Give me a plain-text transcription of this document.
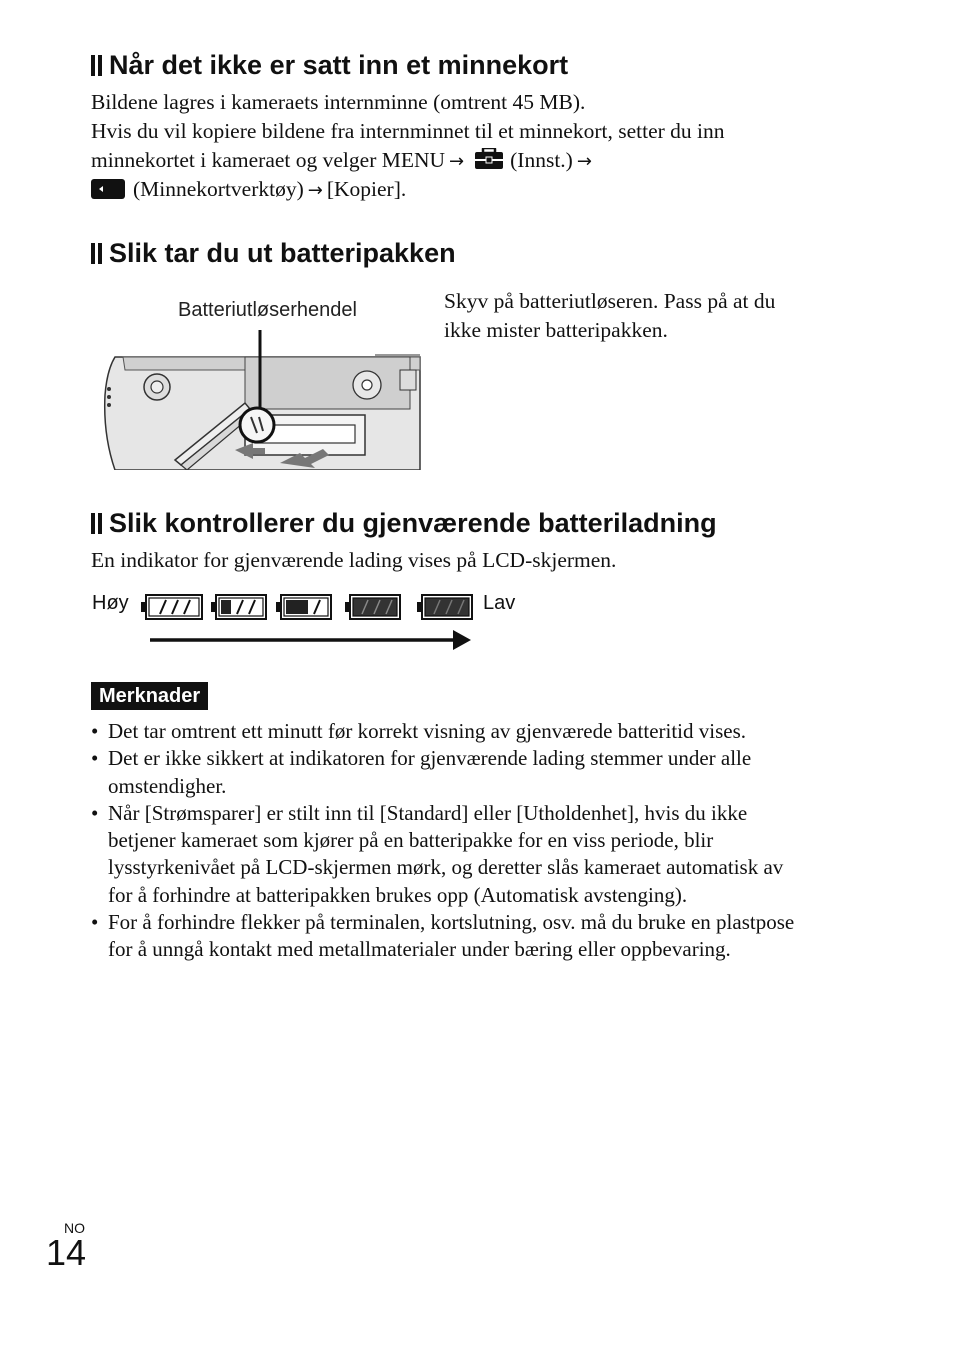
Når det ikke er satt inn et minnekort
Bildene lagres i kameraets internminne (omtrent 45 MB).
Hvis du vil kopiere bildene fra internminnet til et minnekort, setter du inn
minnekortet i kameraet og velger MENU → (Innst.) →
(Minnekortverktøy) → [Kopier].
Slik tar du ut batteripakken
Batteriutløserhendel	Skyv på batteriutløseren. Pass på at du
ikke mister batteripakken.
Slik kontrollerer du gjenværende batteriladning
En indikator for gjenværende lading vises på LCD-skjermen.
Høy	Lav
Merknader
• Det tar omtrent ett minutt før korrekt visning av gjenværede batteritid vises.
• Det er ikke sikkert at indikatoren for gjenværende lading stemmer under alle
omstendigher.
• Når [Strømsparer] er stilt inn til [Standard] eller [Utholdenhet], hvis du ikke
betjener kameraet som kjører på en batteripakke for en viss periode, blir
lysstyrkenivået på LCD-skjermen mørk, og deretter slås kameraet automatisk av
for å forhindre at batteripakken brukes opp (Automatisk avstenging).
• For å forhindre flekker på terminalen, kortslutning, osv. må du bruke en plastpose
for å unngå kontakt med metallmaterialer under bæring eller oppbevaring.
NO
14
